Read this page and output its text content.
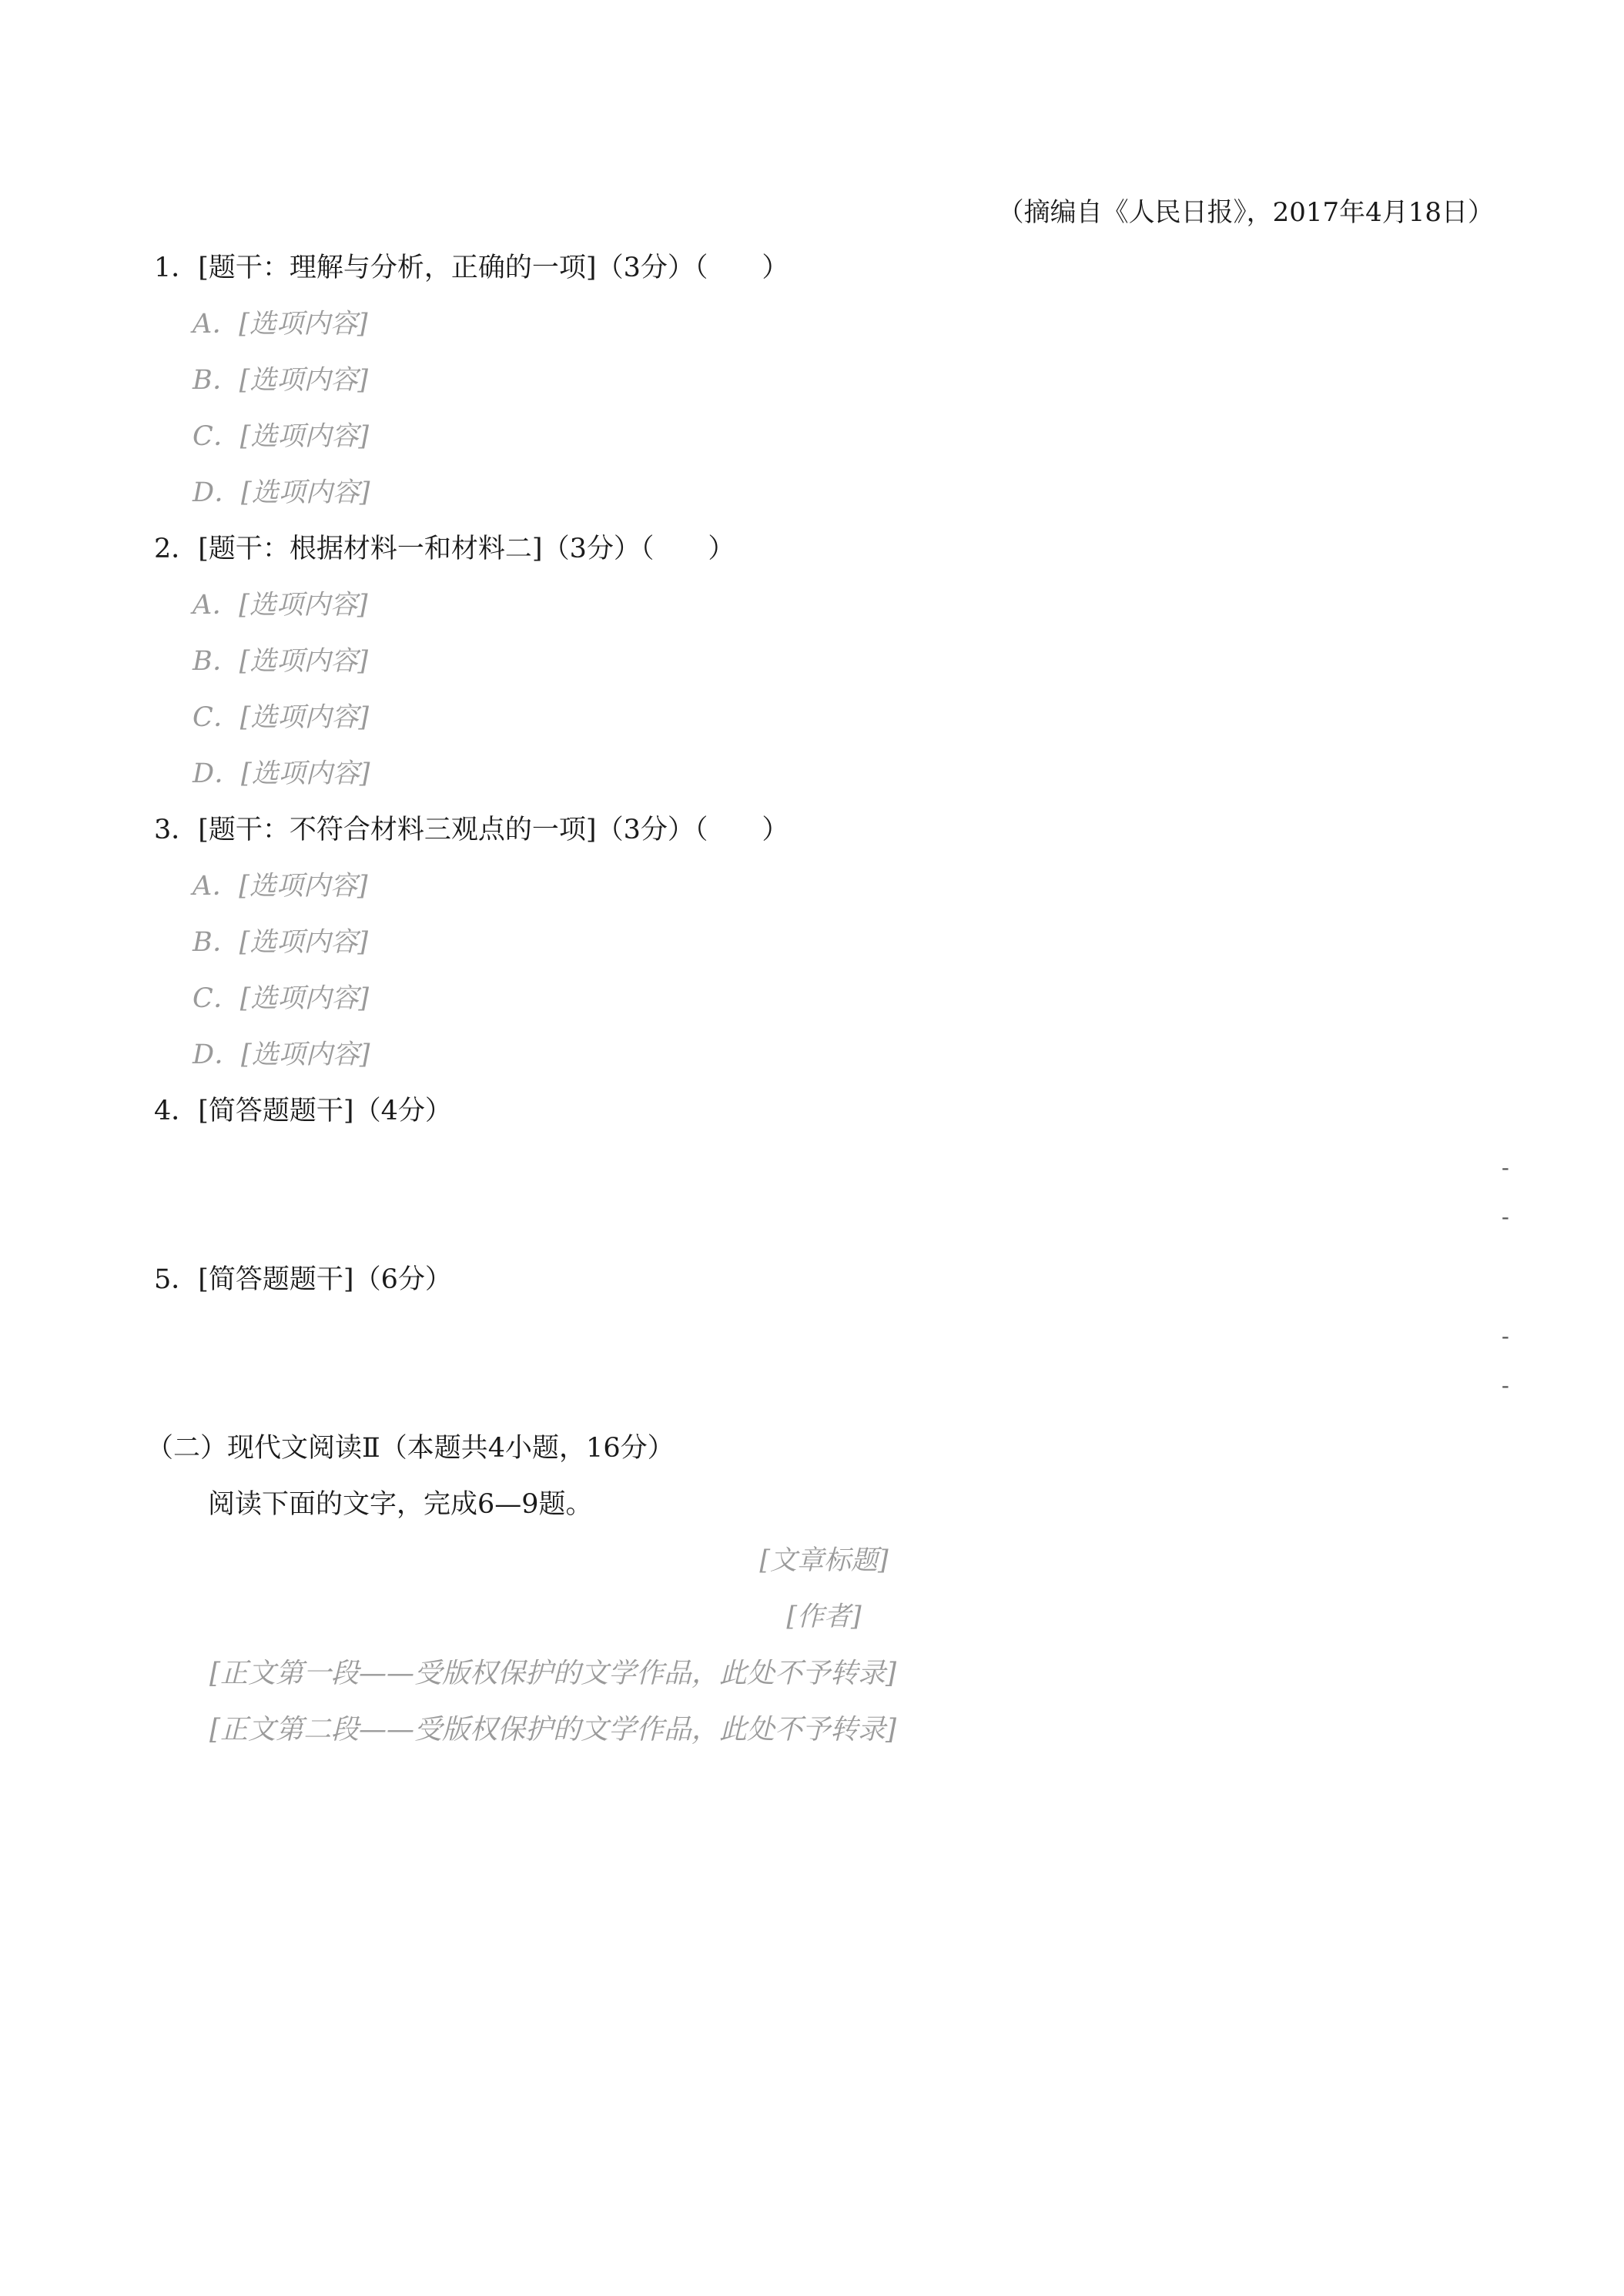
（摘编自《人民日报》，2017年4月18日）
1．[题干：理解与分析，正确的一项]（3分）（　　）
A．[选项内容]
B．[选项内容]
C．[选项内容]
D．[选项内容]
2．[题干：根据材料一和材料二]（3分）（　　）
A．[选项内容]
B．[选项内容]
C．[选项内容]
D．[选项内容]
3．[题干：不符合材料三观点的一项]（3分）（　　）
A．[选项内容]
B．[选项内容]
C．[选项内容]
D．[选项内容]
4．[简答题题干]（4分）
-
-
5．[简答题题干]（6分）
-
-
（二）现代文阅读Ⅱ（本题共4小题，16分）
阅读下面的文字，完成6—9题。
[文章标题]
[作者]

[正文第一段——受版权保护的文学作品，此处不予转录]

[正文第二段——受版权保护的文学作品，此处不予转录]
